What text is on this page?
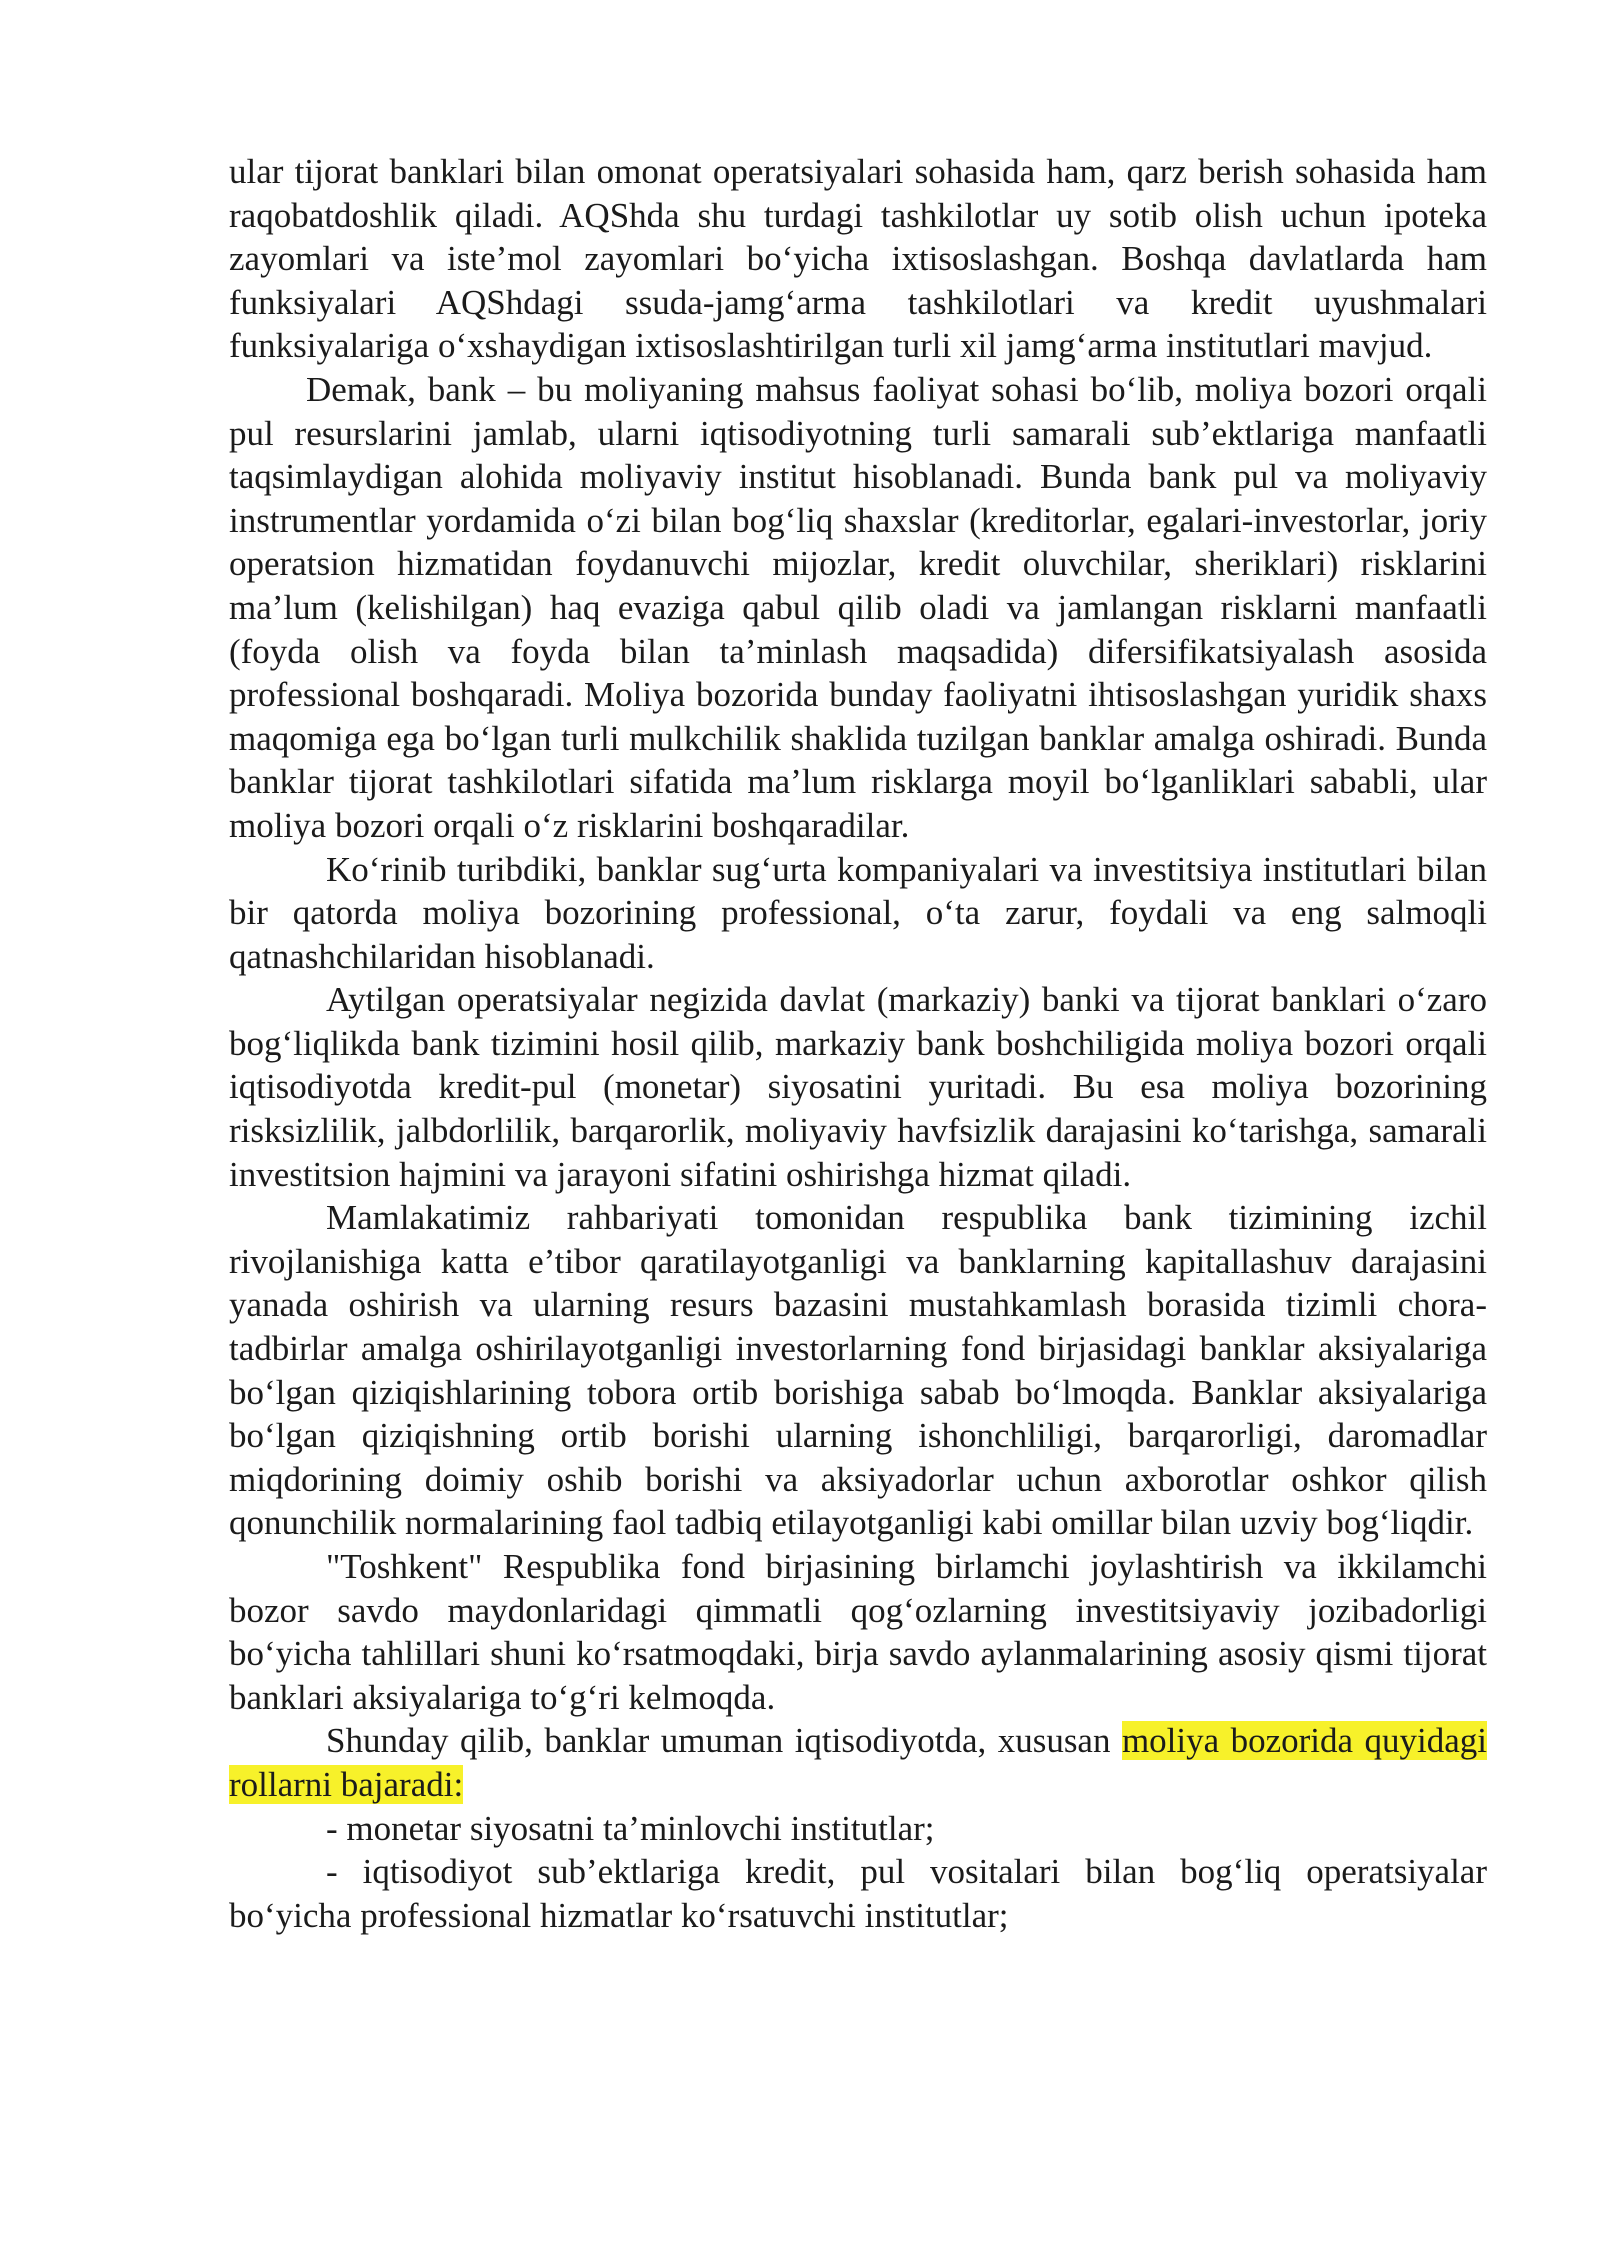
ular tijorat banklari bilan omonat operatsiyalari sohasida ham, qarz berish sohasida ham raqobatdoshlik qiladi. AQShda shu turdagi tashkilotlar uy sotib olish uchun ipoteka zayomlari va iste’mol zayomlari bo‘yicha ixtisoslashgan. Boshqa davlatlarda ham funksiyalari AQShdagi ssuda-jamg‘arma tashkilotlari va kredit uyushmalari funksiyalariga o‘xshaydigan ixtisoslashtirilgan turli xil jamg‘arma institutlari mavjud.

Demak, bank – bu moliyaning mahsus faoliyat sohasi bo‘lib, moliya bozori orqali pul resurslarini jamlab, ularni iqtisodiyotning turli samarali sub’ektlariga manfaatli taqsimlaydigan alohida moliyaviy institut hisoblanadi. Bunda bank pul va moliyaviy instrumentlar yordamida o‘zi bilan bog‘liq shaxslar (kreditorlar, egalari-investorlar, joriy operatsion hizmatidan foydanuvchi mijozlar, kredit oluvchilar, sheriklari) risklarini ma’lum (kelishilgan) haq evaziga qabul qilib oladi va jamlangan risklarni manfaatli (foyda olish va foyda bilan ta’minlash maqsadida) difersifikatsiyalash asosida professional boshqaradi. Moliya bozorida bunday faoliyatni ihtisoslashgan yuridik shaxs maqomiga ega bo‘lgan turli mulkchilik shaklida tuzilgan banklar amalga oshiradi. Bunda banklar tijorat tashkilotlari sifatida ma’lum risklarga moyil bo‘lganliklari sababli, ular moliya bozori orqali o‘z risklarini boshqaradilar.

Ko‘rinib turibdiki, banklar sug‘urta kompaniyalari va investitsiya institutlari bilan bir qatorda moliya bozorining professional, o‘ta zarur, foydali va eng salmoqli qatnashchilaridan hisoblanadi.

Aytilgan operatsiyalar negizida davlat (markaziy) banki va tijorat banklari o‘zaro bog‘liqlikda bank tizimini hosil qilib, markaziy bank boshchiligida moliya bozori orqali iqtisodiyotda kredit-pul (monetar) siyosatini yuritadi. Bu esa moliya bozorining risksizlilik, jalbdorlilik, barqarorlik, moliyaviy havfsizlik darajasini ko‘tarishga, samarali investitsion hajmini va jarayoni sifatini oshirishga hizmat qiladi.

Mamlakatimiz rahbariyati tomonidan respublika bank tizimining izchil rivojlanishiga katta e’tibor qaratilayotganligi va banklarning kapitallashuv darajasini yanada oshirish va ularning resurs bazasini mustahkamlash borasida tizimli chora-tadbirlar amalga oshirilayotganligi investorlarning fond birjasidagi banklar aksiyalariga bo‘lgan qiziqishlarining tobora ortib borishiga sabab bo‘lmoqda. Banklar aksiyalariga bo‘lgan qiziqishning ortib borishi ularning ishonchliligi, barqarorligi, daromadlar miqdorining doimiy oshib borishi va aksiyadorlar uchun axborotlar oshkor qilish qonunchilik normalarining faol tadbiq etilayotganligi kabi omillar bilan uzviy bog‘liqdir.

"Toshkent" Respublika fond birjasining birlamchi joylashtirish va ikkilamchi bozor savdo maydonlaridagi qimmatli qog‘ozlarning investitsiyaviy jozibadorligi bo‘yicha tahlillari shuni ko‘rsatmoqdaki, birja savdo aylanmalarining asosiy qismi tijorat banklari aksiyalariga to‘g‘ri kelmoqda.

Shunday qilib, banklar umuman iqtisodiyotda, xususan moliya bozorida quyidagi rollarni bajaradi:

- monetar siyosatni ta’minlovchi institutlar;

- iqtisodiyot sub’ektlariga kredit, pul vositalari bilan bog‘liq operatsiyalar bo‘yicha professional hizmatlar ko‘rsatuvchi institutlar;
